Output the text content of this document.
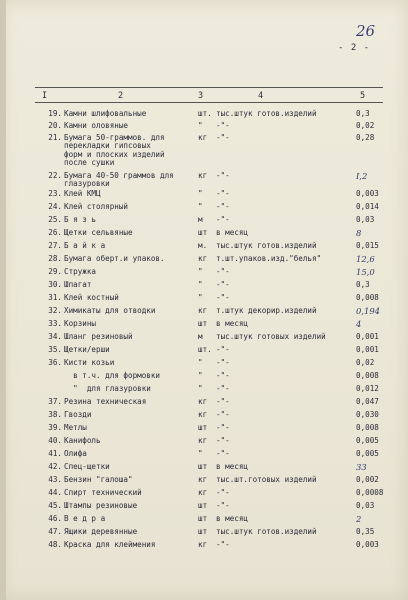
26
- 2 -
I	2	3	4	5
19. Камни шлифовальные	шт. тыс.штук готов.изделий	0,3
20. Камни оловяные	" -"-	0,02
21. Бумага 50-граммов. для
перекладки гипсовых
форм и плоских изделий
после сушки
кг -"-	0,28
22. Бумага 40-50 граммов для
глазуровки
кг -"-	I,2
23. Клей КМЦ	" -"-	0,003
24. Клей столярный	" -"-	0,014
25. Б я з ь	м -"-	0,03
26. Щетки сельвяные	шт в месяц	8
27. Б а й к а	м. тыс.штук готов.изделий	0,015
28. Бумага оберт.и упаков.	кг т.шт.упаков.изд."белья"	12,6
29. Стружка	" -"-	15,0
30. Шпагат	" -"-	0,3
31. Клей костный	" -"-	0,008
32. Химикаты для отводки	кг т.штук декорир.изделий	0,194
33. Корзины	шт в месяц	4
34. Шланг резиновый	м тыс.штук готовых изделий	0,001
35. Щетки/ерши	шт. -"-	0,001
36. Кисти козьи	" -"-	0,02
в т.ч. для формовки	" -"-	0,008
"  для глазуровки	" -"-	0,012
37. Резина техническая	кг -"-	0,047
38. Гвозди	кг -"-	0,030
39. Метлы	шт -"-	0,008
40. Канифоль	кг -"-	0,005
41. Олифа	" -"-	0,005
42. Спец-щетки	шт в месяц	33
43. Бензин "галоша"	кг тыс.шт.готовых изделий	0,002
44. Спирт технический	кг -"-	0,0008
45. Штампы резиновые	шт -"-	0,03
46. В е д р а	шт в месяц	2
47. Ящики деревянные	шт тыс.штук готов.изделий	0,35
48. Краска для клеймения	кг -"-	0,003
